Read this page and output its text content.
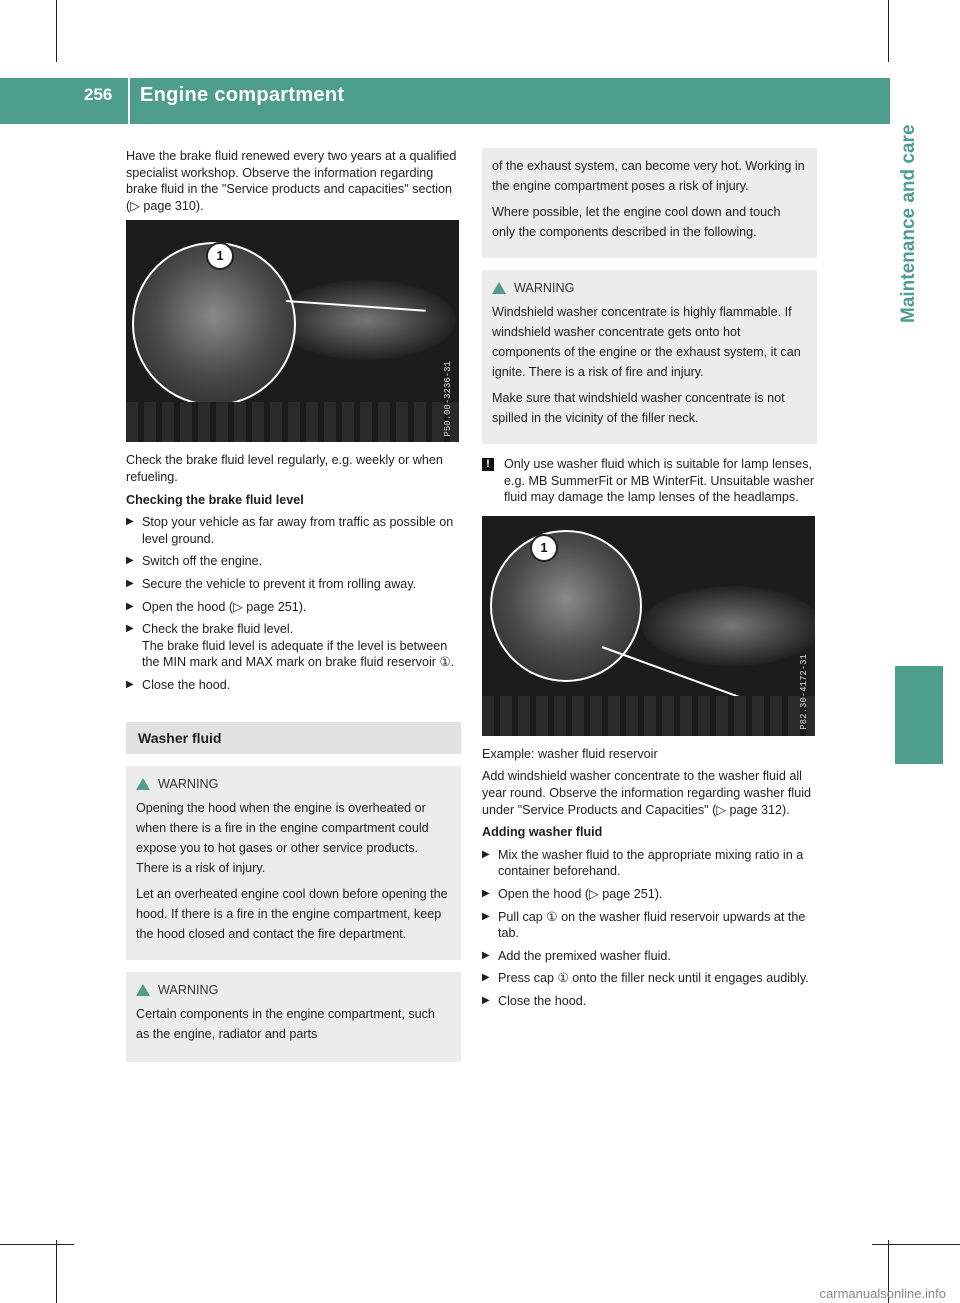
256	Engine compartment
Maintenance and care

Have the brake fluid renewed every two years at a qualified specialist workshop. Observe the information regarding brake fluid in the "Service products and capacities" section (▷ page 310).

1
P50.00-3236-31

Check the brake fluid level regularly, e.g. weekly or when refueling.

Checking the brake fluid level

▶ Stop your vehicle as far away from traffic as possible on level ground.
▶ Switch off the engine.
▶ Secure the vehicle to prevent it from rolling away.
▶ Open the hood (▷ page 251).
▶ Check the brake fluid level.
The brake fluid level is adequate if the level is between the MIN mark and MAX mark on brake fluid reservoir ①.
▶ Close the hood.
Washer fluid
WARNING

Opening the hood when the engine is overheated or when there is a fire in the engine compartment could expose you to hot gases or other service products. There is a risk of injury.

Let an overheated engine cool down before opening the hood. If there is a fire in the engine compartment, keep the hood closed and contact the fire department.

WARNING

Certain components in the engine compartment, such as the engine, radiator and parts

of the exhaust system, can become very hot. Working in the engine compartment poses a risk of injury.

Where possible, let the engine cool down and touch only the components described in the following.

WARNING

Windshield washer concentrate is highly flammable. If windshield washer concentrate gets onto hot components of the engine or the exhaust system, it can ignite. There is a risk of fire and injury.

Make sure that windshield washer concentrate is not spilled in the vicinity of the filler neck.

!	Only use washer fluid which is suitable for lamp lenses, e.g. MB SummerFit or MB WinterFit. Unsuitable washer fluid may damage the lamp lenses of the headlamps.
1
P82.30-4172-31

Example: washer fluid reservoir

Add windshield washer concentrate to the washer fluid all year round. Observe the information regarding washer fluid under "Service Products and Capacities" (▷ page 312).

Adding washer fluid

▶ Mix the washer fluid to the appropriate mixing ratio in a container beforehand.
▶ Open the hood (▷ page 251).
▶ Pull cap ① on the washer fluid reservoir upwards at the tab.
▶ Add the premixed washer fluid.
▶ Press cap ① onto the filler neck until it engages audibly.
▶ Close the hood.
carmanualsonline.info
